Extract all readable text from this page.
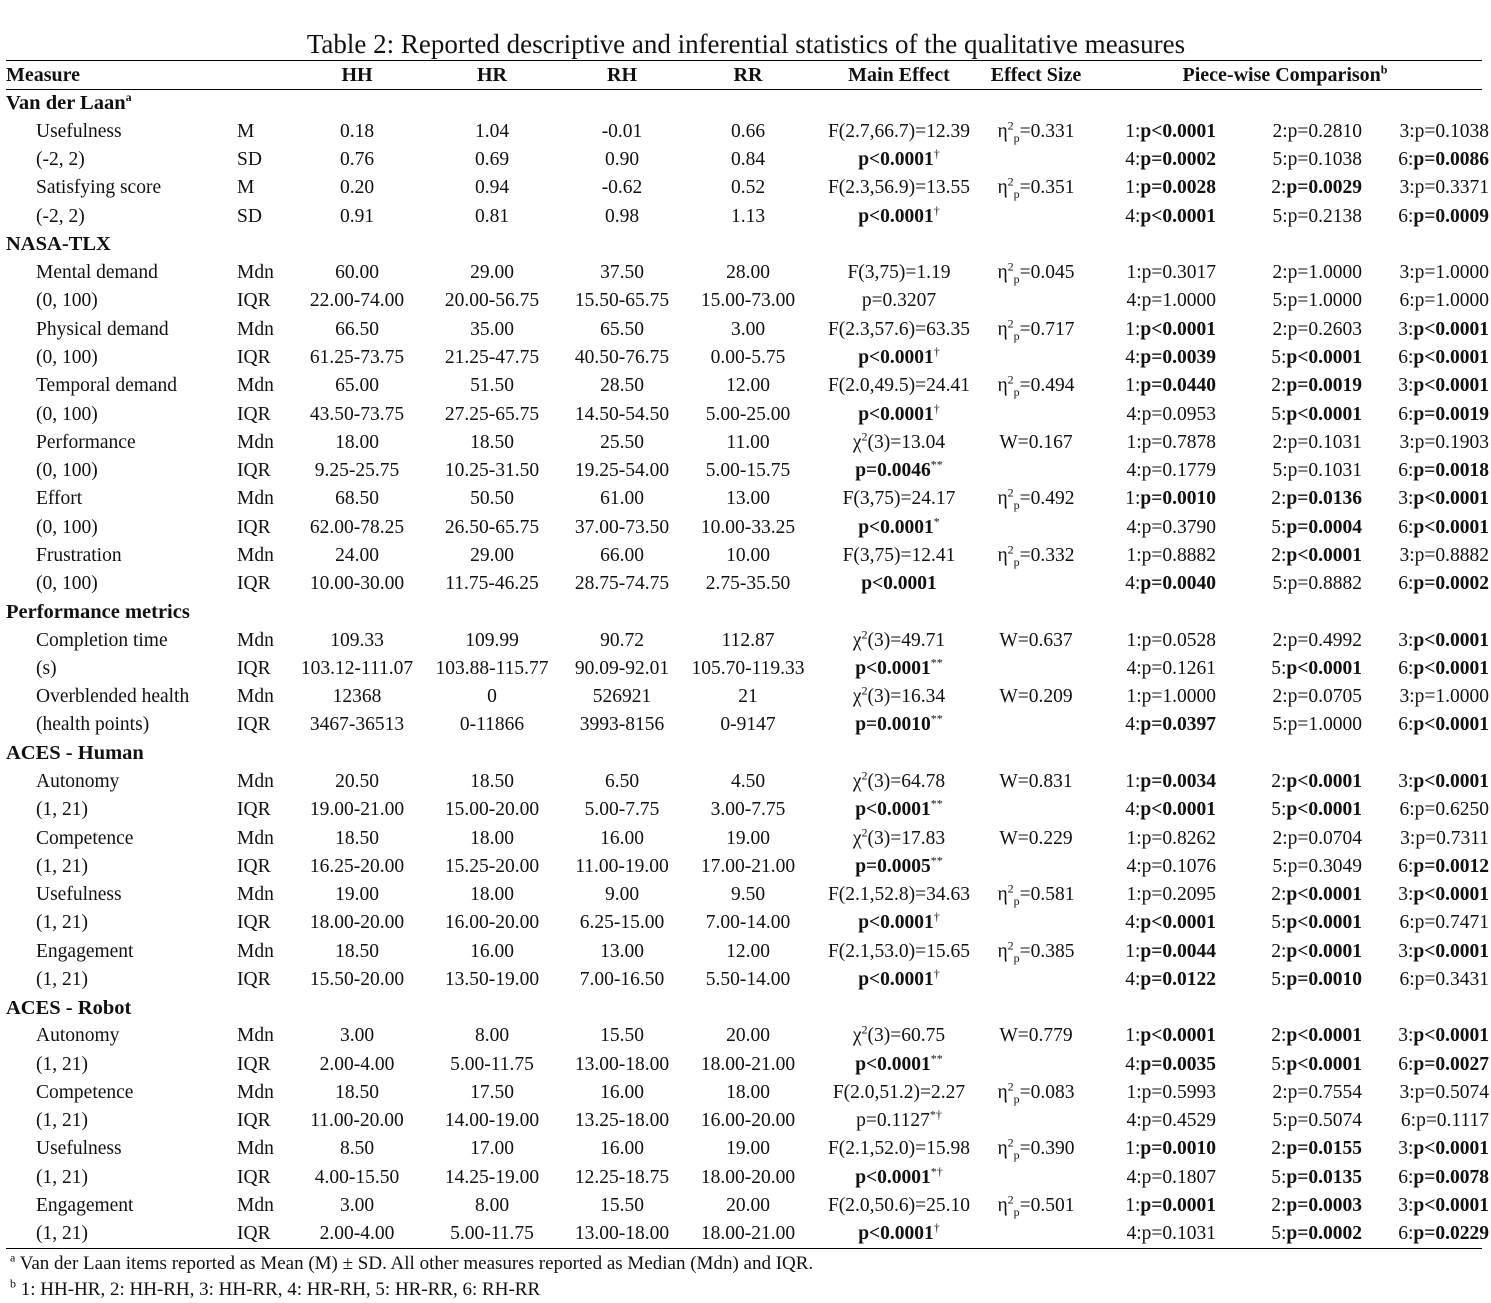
Table 2: Reported descriptive and inferential statistics of the qualitative measures
Measure		HH	HR	RH	RR	Main Effect	Effect Size	Piece-wise Comparison$^b$
Van der Laan$^a$
Usefulness	M	0.18	1.04	-0.01	0.66	F(2.7,66.7)=12.39	$\eta^2_p=0.331$	1:p<0.0001 2:p=0.2810 3:p=0.1038
(-2, 2)	SD	0.76	0.69	0.90	0.84	p<0.0001†		4:p=0.0002 5:p=0.1038 6:p=0.0086
Satisfying score	M	0.20	0.94	-0.62	0.52	F(2.3,56.9)=13.55	$\eta^2_p=0.351$	1:p=0.0028 2:p=0.0029 3:p=0.3371
(-2, 2)	SD	0.91	0.81	0.98	1.13	p<0.0001†		4:p<0.0001 5:p=0.2138 6:p=0.0009
NASA-TLX								
Mental demand	Mdn	60.00	29.00	37.50	28.00	F(3,75)=1.19	$\eta^2_p=0.045$	1:p=0.3017 2:p=1.0000 3:p=1.0000
(0, 100)	IQR	22.00-74.00	20.00-56.75	15.50-65.75	15.00-73.00	p=0.3207		4:p=1.0000 5:p=1.0000 6:p=1.0000
Physical demand	Mdn	66.50	35.00	65.50	3.00	F(2.3,57.6)=63.35	$\eta^2_p=0.717$	1:p<0.0001 2:p=0.2603 3:p<0.0001
(0, 100)	IQR	61.25-73.75	21.25-47.75	40.50-76.75	0.00-5.75	p<0.0001†		4:p=0.0039 5:p<0.0001 6:p<0.0001
Temporal demand	Mdn	65.00	51.50	28.50	12.00	F(2.0,49.5)=24.41	$\eta^2_p=0.494$	1:p=0.0440 2:p=0.0019 3:p<0.0001
(0, 100)	IQR	43.50-73.75	27.25-65.75	14.50-54.50	5.00-25.00	p<0.0001†		4:p=0.0953 5:p<0.0001 6:p=0.0019
Performance	Mdn	18.00	18.50	25.50	11.00	$\chi^2(3)=13.04$	W=0.167	1:p=0.7878 2:p=0.1031 3:p=0.1903
(0, 100)	IQR	9.25-25.75	10.25-31.50	19.25-54.00	5.00-15.75	p=0.0046**		4:p=0.1779 5:p=0.1031 6:p=0.0018
Effort	Mdn	68.50	50.50	61.00	13.00	F(3,75)=24.17	$\eta^2_p=0.492$	1:p=0.0010 2:p=0.0136 3:p<0.0001
(0, 100)	IQR	62.00-78.25	26.50-65.75	37.00-73.50	10.00-33.25	p<0.0001*		4:p=0.3790 5:p=0.0004 6:p<0.0001
Frustration	Mdn	24.00	29.00	66.00	10.00	F(3,75)=12.41	$\eta^2_p=0.332$	1:p=0.8882 2:p<0.0001 3:p=0.8882
(0, 100)	IQR	10.00-30.00	11.75-46.25	28.75-74.75	2.75-35.50	p<0.0001		4:p=0.0040 5:p=0.8882 6:p=0.0002
Performance metrics								
Completion time	Mdn	109.33	109.99	90.72	112.87	$\chi^2(3)=49.71$	W=0.637	1:p=0.0528 2:p=0.4992 3:p<0.0001
(s)	IQR	103.12-111.07	103.88-115.77	90.09-92.01	105.70-119.33	p<0.0001**		4:p=0.1261 5:p<0.0001 6:p<0.0001
Overblended health	Mdn	12368	0	526921	21	$\chi^2(3)=16.34$	W=0.209	1:p=1.0000 2:p=0.0705 3:p=1.0000
(health points)	IQR	3467-36513	0-11866	3993-8156	0-9147	p=0.0010**		4:p=0.0397 5:p=1.0000 6:p<0.0001
ACES - Human								
Autonomy	Mdn	20.50	18.50	6.50	4.50	$\chi^2(3)=64.78$	W=0.831	1:p=0.0034 2:p<0.0001 3:p<0.0001
(1, 21)	IQR	19.00-21.00	15.00-20.00	5.00-7.75	3.00-7.75	p<0.0001**		4:p<0.0001 5:p<0.0001 6:p=0.6250
Competence	Mdn	18.50	18.00	16.00	19.00	$\chi^2(3)=17.83$	W=0.229	1:p=0.8262 2:p=0.0704 3:p=0.7311
(1, 21)	IQR	16.25-20.00	15.25-20.00	11.00-19.00	17.00-21.00	p=0.0005**		4:p=0.1076 5:p=0.3049 6:p=0.0012
Usefulness	Mdn	19.00	18.00	9.00	9.50	F(2.1,52.8)=34.63	$\eta^2_p=0.581$	1:p=0.2095 2:p<0.0001 3:p<0.0001
(1, 21)	IQR	18.00-20.00	16.00-20.00	6.25-15.00	7.00-14.00	p<0.0001†		4:p<0.0001 5:p<0.0001 6:p=0.7471
Engagement	Mdn	18.50	16.00	13.00	12.00	F(2.1,53.0)=15.65	$\eta^2_p=0.385$	1:p=0.0044 2:p<0.0001 3:p<0.0001
(1, 21)	IQR	15.50-20.00	13.50-19.00	7.00-16.50	5.50-14.00	p<0.0001†		4:p=0.0122 5:p=0.0010 6:p=0.3431
ACES - Robot								
Autonomy	Mdn	3.00	8.00	15.50	20.00	$\chi^2(3)=60.75$	W=0.779	1:p<0.0001 2:p<0.0001 3:p<0.0001
(1, 21)	IQR	2.00-4.00	5.00-11.75	13.00-18.00	18.00-21.00	p<0.0001**		4:p=0.0035 5:p<0.0001 6:p=0.0027
Competence	Mdn	18.50	17.50	16.00	18.00	F(2.0,51.2)=2.27	$\eta^2_p=0.083$	1:p=0.5993 2:p=0.7554 3:p=0.5074
(1, 21)	IQR	11.00-20.00	14.00-19.00	13.25-18.00	16.00-20.00	p=0.1127*†		4:p=0.4529 5:p=0.5074 6:p=0.1117
Usefulness	Mdn	8.50	17.00	16.00	19.00	F(2.1,52.0)=15.98	$\eta^2_p=0.390$	1:p=0.0010 2:p=0.0155 3:p<0.0001
(1, 21)	IQR	4.00-15.50	14.25-19.00	12.25-18.75	18.00-20.00	p<0.0001*†		4:p=0.1807 5:p=0.0135 6:p=0.0078
Engagement	Mdn	3.00	8.00	15.50	20.00	F(2.0,50.6)=25.10	$\eta^2_p=0.501$	1:p=0.0001 2:p=0.0003 3:p<0.0001
(1, 21)	IQR	2.00-4.00	5.00-11.75	13.00-18.00	18.00-21.00	p<0.0001†		4:p=0.1031 5:p=0.0002 6:p=0.0229
$^a$ Van der Laan items reported as Mean (M) ± SD. All other measures reported as Median (Mdn) and IQR.
$^b$ 1: HH-HR, 2: HH-RH, 3: HH-RR, 4: HR-RH, 5: HR-RR, 6: RH-RR
